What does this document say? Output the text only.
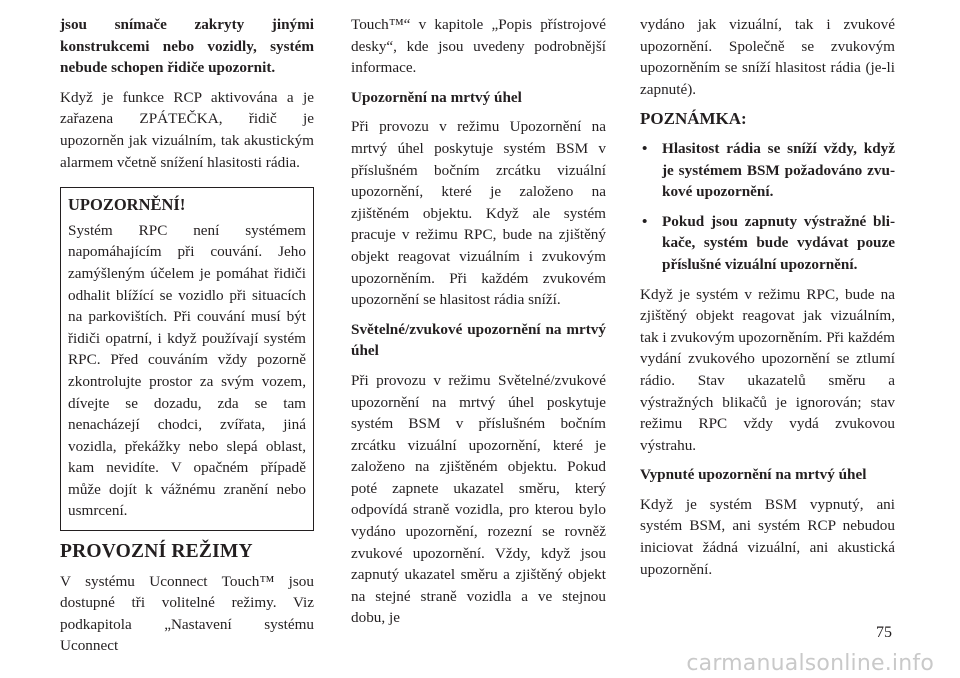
jsou snímače zakryty jinými konstrukcemi nebo vozidly, systém nebude schopen řidiče upozornit.

Když je funkce RCP aktivována a je zařazena ZPÁTEČKA, řidič je upozorněn jak vizuálním, tak akustickým alarmem včetně snížení hlasitosti rádia.

UPOZORNĚNÍ!

Systém RPC není systémem napomáhajícím při couvání. Jeho zamýšleným účelem je pomáhat řidiči odhalit blížící se vozidlo při situacích na parkovištích. Při couvání musí být řidiči opatrní, i když používají systém RPC. Před couváním vždy pozorně zkontrolujte prostor za svým vozem, dívejte se dozadu, zda se tam nenacházejí chodci, zvířata, jiná vozidla, překážky nebo slepá oblast, kam nevidíte. V opačném případě může dojít k vážnému zranění nebo usmrcení.

PROVOZNÍ REŽIMY

V systému Uconnect Touch™ jsou dostupné tři volitelné režimy. Viz podkapitola „Nastavení systému Uconnect

Touch™“ v kapitole „Popis přístrojové desky“, kde jsou uvedeny podrobnější informace.

Upozornění na mrtvý úhel

Při provozu v režimu Upozornění na mrtvý úhel poskytuje systém BSM v příslušném bočním zrcátku vizuální upozornění, které je založeno na zjištěném objektu. Když ale systém pracuje v režimu RPC, bude na zjištěný objekt reagovat vizuálním i zvukovým upozorněním. Při každém zvukovém upozornění se hlasitost rádia sníží.

Světelné/zvukové upozornění na mrtvý úhel

Při provozu v režimu Světelné/zvukové upozornění na mrtvý úhel poskytuje systém BSM v příslušném bočním zrcátku vizuální upozornění, které je založeno na zjištěném objektu. Pokud poté zapnete ukazatel směru, který odpovídá straně vozidla, pro kterou bylo vydáno upozornění, rozezní se rovněž zvukové upozornění. Vždy, když jsou zapnutý ukazatel směru a zjištěný objekt na stejné straně vozidla a ve stejnou dobu, je

vydáno jak vizuální, tak i zvukové upozornění. Společně se zvukovým upozorněním se sníží hlasitost rádia (je-li zapnuté).

POZNÁMKA:
• Hlasitost rádia se sníží vždy, když je systémem BSM požadováno zvukové upozornění.
• Pokud jsou zapnuty výstražné blikače, systém bude vydávat pouze příslušné vizuální upozornění.

Když je systém v režimu RPC, bude na zjištěný objekt reagovat jak vizuálním, tak i zvukovým upozorněním. Při každém vydání zvukového upozornění se ztlumí rádio. Stav ukazatelů směru a výstražných blikačů je ignorován; stav režimu RPC vždy vydá zvukovou výstrahu.

Vypnuté upozornění na mrtvý úhel

Když je systém BSM vypnutý, ani systém BSM, ani systém RCP nebudou iniciovat žádná vizuální, ani akustická upozornění.

75
carmanualsonline.info
